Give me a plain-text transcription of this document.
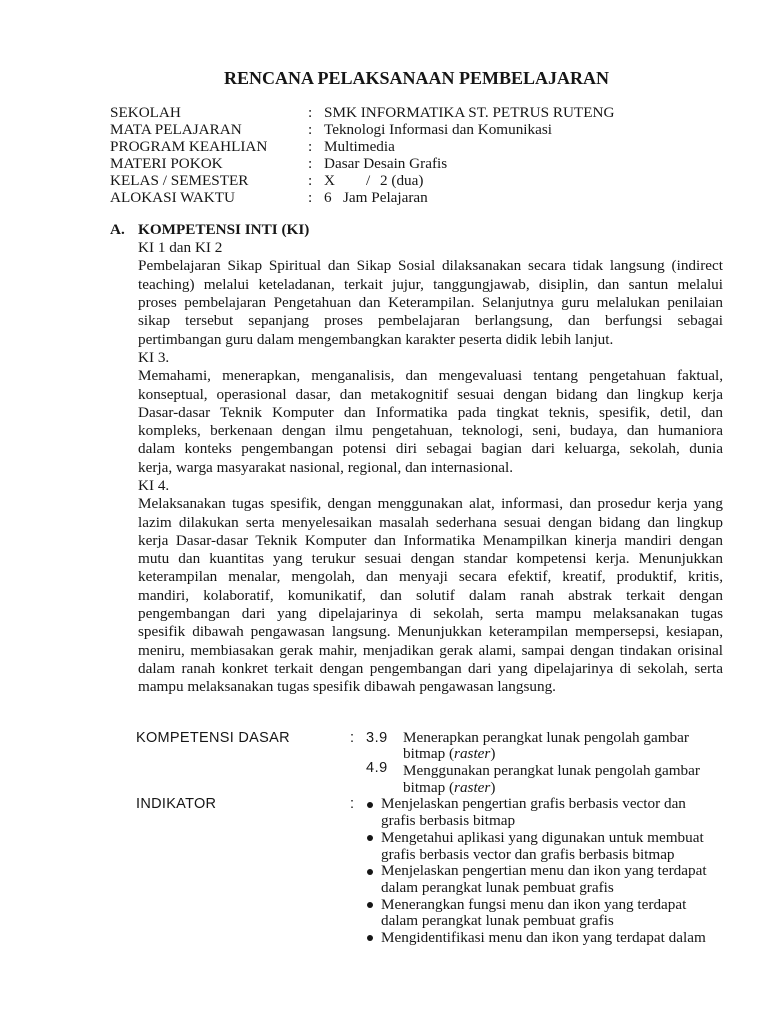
RENCANA PELAKSANAAN PEMBELAJARAN
SEKOLAH	: SMK INFORMATIKA ST. PETRUS RUTENG
MATA PELAJARAN	: Teknologi Informasi dan Komunikasi
PROGRAM KEAHLIAN	: Multimedia
MATERI POKOK	: Dasar Desain Grafis
KELAS / SEMESTER	: X / 2 (dua)
ALOKASI WAKTU	: 6 Jam Pelajaran
A. KOMPETENSI INTI (KI)
KI 1 dan KI 2
Pembelajaran Sikap Spiritual dan Sikap Sosial dilaksanakan secara tidak langsung (indirect
teaching) melalui keteladanan, terkait jujur, tanggungjawab, disiplin, dan santun melalui
proses pembelajaran Pengetahuan dan Keterampilan. Selanjutnya guru melalukan penilaian
sikap tersebut sepanjang proses pembelajaran berlangsung, dan berfungsi sebagai
pertimbangan guru dalam mengembangkan karakter peserta didik lebih lanjut.
KI 3.
Memahami, menerapkan, menganalisis, dan mengevaluasi tentang pengetahuan faktual,
konseptual, operasional dasar, dan metakognitif sesuai dengan bidang dan lingkup kerja
Dasar-dasar Teknik Komputer dan Informatika pada tingkat teknis, spesifik, detil, dan
kompleks, berkenaan dengan ilmu pengetahuan, teknologi, seni, budaya, dan humaniora
dalam konteks pengembangan potensi diri sebagai bagian dari keluarga, sekolah, dunia
kerja, warga masyarakat nasional, regional, dan internasional.
KI 4.
Melaksanakan tugas spesifik, dengan menggunakan alat, informasi, dan prosedur kerja yang
lazim dilakukan serta menyelesaikan masalah sederhana sesuai dengan bidang dan lingkup
kerja Dasar-dasar Teknik Komputer dan Informatika Menampilkan kinerja mandiri dengan
mutu dan kuantitas yang terukur sesuai dengan standar kompetensi kerja. Menunjukkan
keterampilan menalar, mengolah, dan menyaji secara efektif, kreatif, produktif, kritis,
mandiri, kolaboratif, komunikatif, dan solutif dalam ranah abstrak terkait dengan
pengembangan dari yang dipelajarinya di sekolah, serta mampu melaksanakan tugas
spesifik dibawah pengawasan langsung. Menunjukkan keterampilan mempersepsi, kesiapan,
meniru, membiasakan gerak mahir, menjadikan gerak alami, sampai dengan tindakan orisinal
dalam ranah konkret terkait dengan pengembangan dari yang dipelajarinya di sekolah, serta
mampu melaksanakan tugas spesifik dibawah pengawasan langsung.
KOMPETENSI DASAR	: 3.9 Menerapkan perangkat lunak pengolah gambar
bitmap (raster)
4.9 Menggunakan perangkat lunak pengolah gambar
bitmap (raster)
INDIKATOR	: Menjelaskan pengertian grafis berbasis vector dan
grafis berbasis bitmap
Mengetahui aplikasi yang digunakan untuk membuat
grafis berbasis vector dan grafis berbasis bitmap
Menjelaskan pengertian menu dan ikon yang terdapat
dalam perangkat lunak pembuat grafis
Menerangkan fungsi menu dan ikon yang terdapat
dalam perangkat lunak pembuat grafis
Mengidentifikasi menu dan ikon yang terdapat dalam
